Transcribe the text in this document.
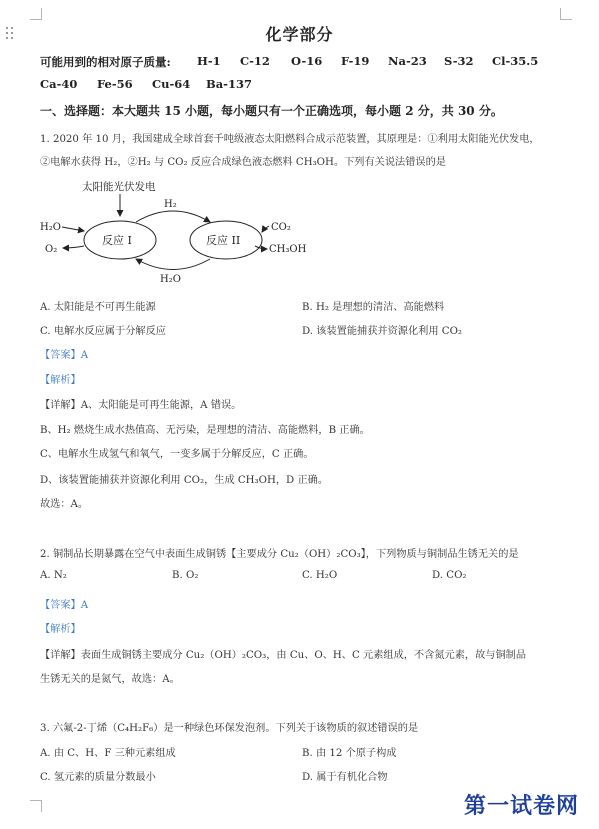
化学部分
可能用到的相对原子质量: H-1 C-12 O-16 F-19 Na-23 S-32 Cl-35.5
Ca-40 Fe-56 Cu-64 Ba-137
一、选择题：本大题共 15 小题，每小题只有一个正确选项，每小题 2 分，共 30 分。
1. 2020 年 10 月，我国建成全球首套千吨级液态太阳燃料合成示范装置，其原理是：①利用太阳能光伏发电，
②电解水获得 H₂，②H₂ 与 CO₂ 反应合成绿色液态燃料 CH₃OH。下列有关说法错误的是
太阳能光伏发电
反应 I	反应 II
H₂
H₂O
H₂O
O₂
CO₂
CH₃OH
A. 太阳能是不可再生能源	B. H₂ 是理想的清洁、高能燃料
C. 电解水反应属于分解反应	D. 该装置能捕获并资源化利用 CO₂
【答案】A
【解析】
【详解】A、太阳能是可再生能源，A 错误。
B、H₂ 燃烧生成水热值高、无污染，是理想的清洁、高能燃料，B 正确。
C、电解水生成氢气和氧气，一变多属于分解反应，C 正确。
D、该装置能捕获并资源化利用 CO₂，生成 CH₃OH，D 正确。
故选：A。
2. 铜制品长期暴露在空气中表面生成铜锈【主要成分 Cu₂（OH）₂CO₃】，下列物质与铜制品生锈无关的是
A. N₂	B. O₂	C. H₂O	D. CO₂
【答案】A
【解析】
【详解】表面生成铜锈主要成分 Cu₂（OH）₂CO₃，由 Cu、O、H、C 元素组成，不含氮元素，故与铜制品
生锈无关的是氮气，故选：A。
3. 六氟-2-丁烯（C₄H₂F₆）是一种绿色环保发泡剂。下列关于该物质的叙述错误的是
A. 由 C、H、F 三种元素组成	B. 由 12 个原子构成
C. 氢元素的质量分数最小	D. 属于有机化合物
第一试卷网
